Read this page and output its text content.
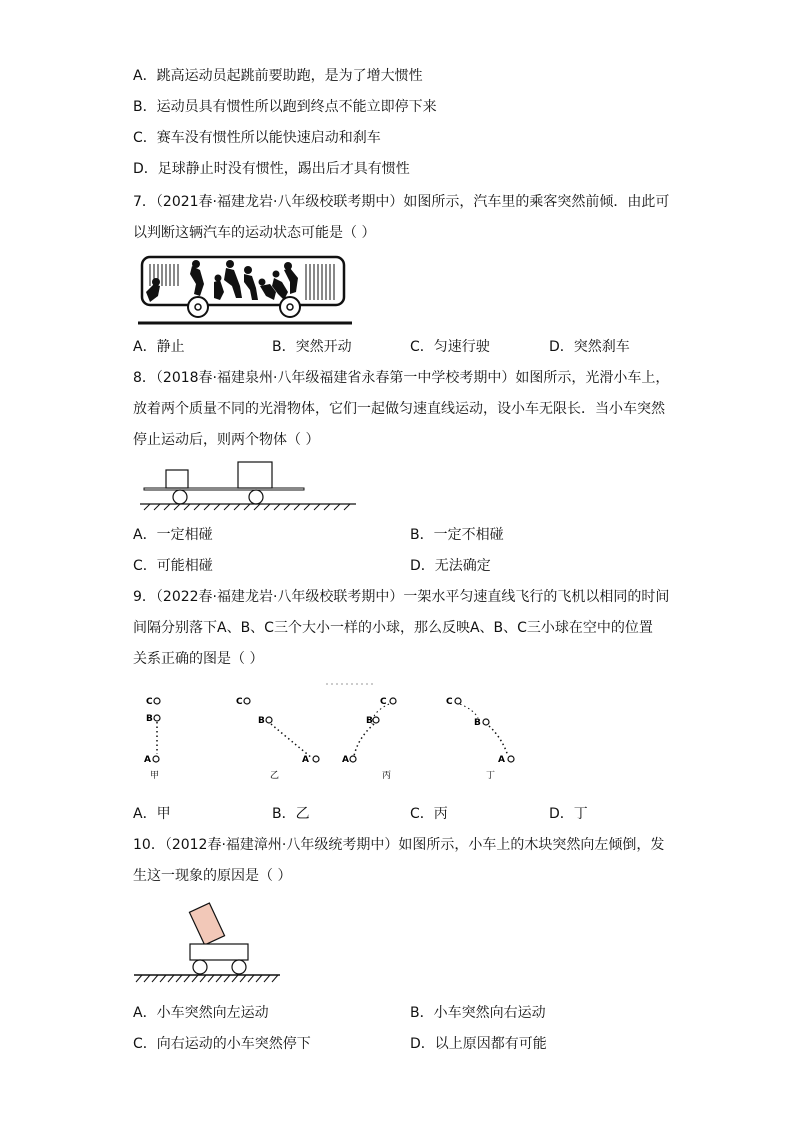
A．跳高运动员起跳前要助跑，是为了增大惯性
B．运动员具有惯性所以跑到终点不能立即停下来
C．赛车没有惯性所以能快速启动和刹车
D．足球静止时没有惯性，踢出后才具有惯性
7．（2021春·福建龙岩·八年级校联考期中）如图所示，汽车里的乘客突然前倾．由此可
以判断这辆汽车的运动状态可能是（ ）
A．静止	B．突然开动	C．匀速行驶	D．突然刹车
8．（2018春·福建泉州·八年级福建省永春第一中学校考期中）如图所示，光滑小车上，
放着两个质量不同的光滑物体，它们一起做匀速直线运动，设小车无限长．当小车突然
停止运动后，则两个物体（ ）
A．一定相碰	B．一定不相碰
C．可能相碰	D．无法确定
9．（2022春·福建龙岩·八年级校联考期中）一架水平匀速直线飞行的飞机以相同的时间
间隔分别落下A、B、C三个大小一样的小球，那么反映A、B、C三小球在空中的位置
关系正确的图是（ ）
C
B
A
甲
C
B
A
乙
C
B
A
丙
C
B
A
丁
A．甲	B．乙	C．丙	D．丁
10．（2012春·福建漳州·八年级统考期中）如图所示，小车上的木块突然向左倾倒，发
生这一现象的原因是（ ）
A．小车突然向左运动	B．小车突然向右运动
C．向右运动的小车突然停下	D．以上原因都有可能
